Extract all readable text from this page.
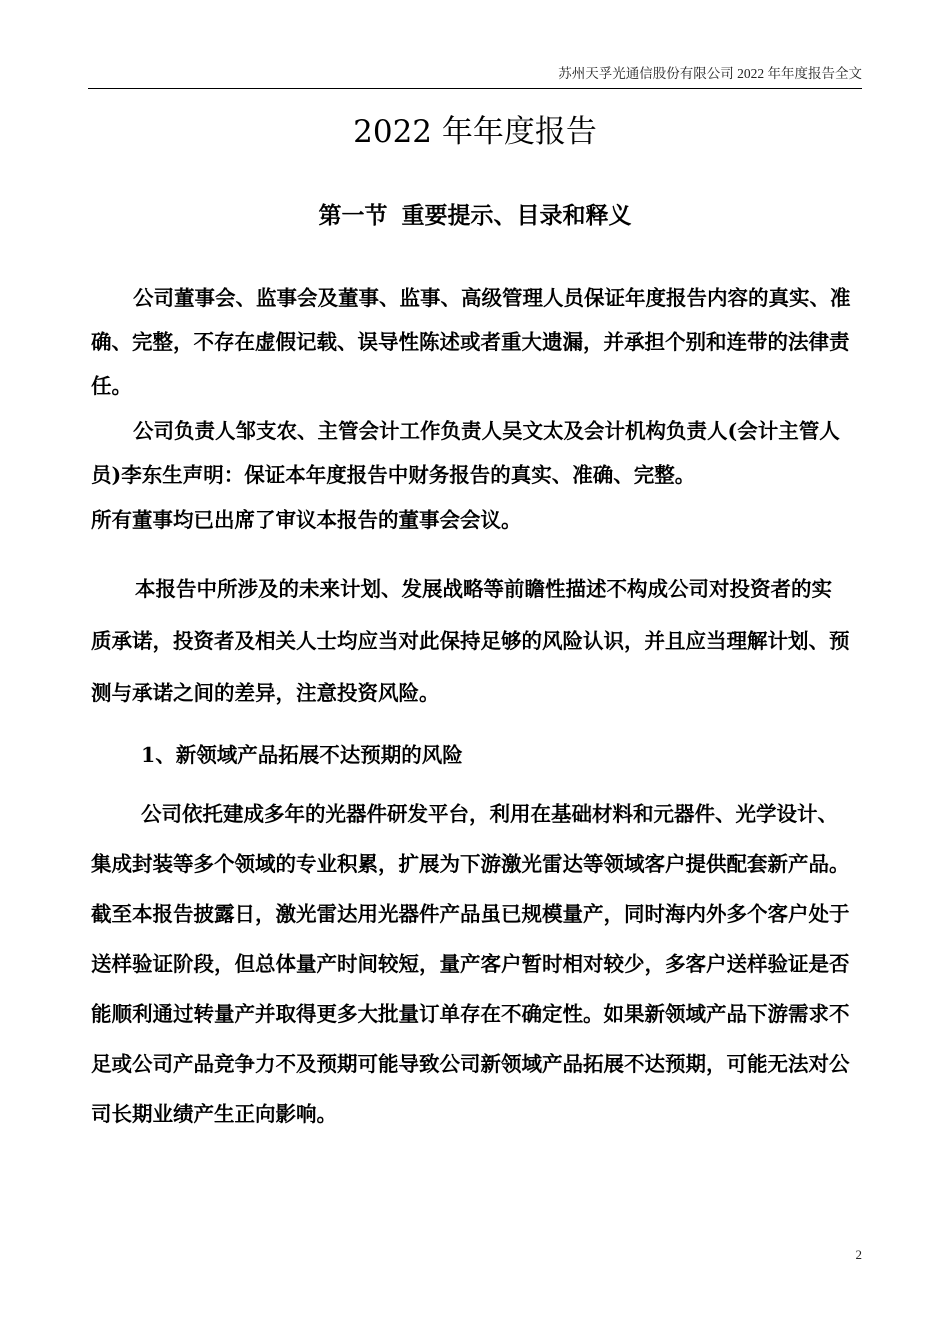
苏州天孚光通信股份有限公司 2022 年年度报告全文
2022 年年度报告
第一节 重要提示、目录和释义

公司董事会、监事会及董事、监事、高级管理人员保证年度报告内容的真实、准确、完整，不存在虚假记载、误导性陈述或者重大遗漏，并承担个别和连带的法律责任。

公司负责人邹支农、主管会计工作负责人吴文太及会计机构负责人(会计主管人员)李东生声明：保证本年度报告中财务报告的真实、准确、完整。

所有董事均已出席了审议本报告的董事会会议。

本报告中所涉及的未来计划、发展战略等前瞻性描述不构成公司对投资者的实质承诺，投资者及相关人士均应当对此保持足够的风险认识，并且应当理解计划、预测与承诺之间的差异，注意投资风险。

1、新领域产品拓展不达预期的风险

公司依托建成多年的光器件研发平台，利用在基础材料和元器件、光学设计、集成封装等多个领域的专业积累，扩展为下游激光雷达等领域客户提供配套新产品。截至本报告披露日，激光雷达用光器件产品虽已规模量产，同时海内外多个客户处于送样验证阶段，但总体量产时间较短，量产客户暂时相对较少，多客户送样验证是否能顺利通过转量产并取得更多大批量订单存在不确定性。如果新领域产品下游需求不足或公司产品竞争力不及预期可能导致公司新领域产品拓展不达预期，可能无法对公司长期业绩产生正向影响。

2
